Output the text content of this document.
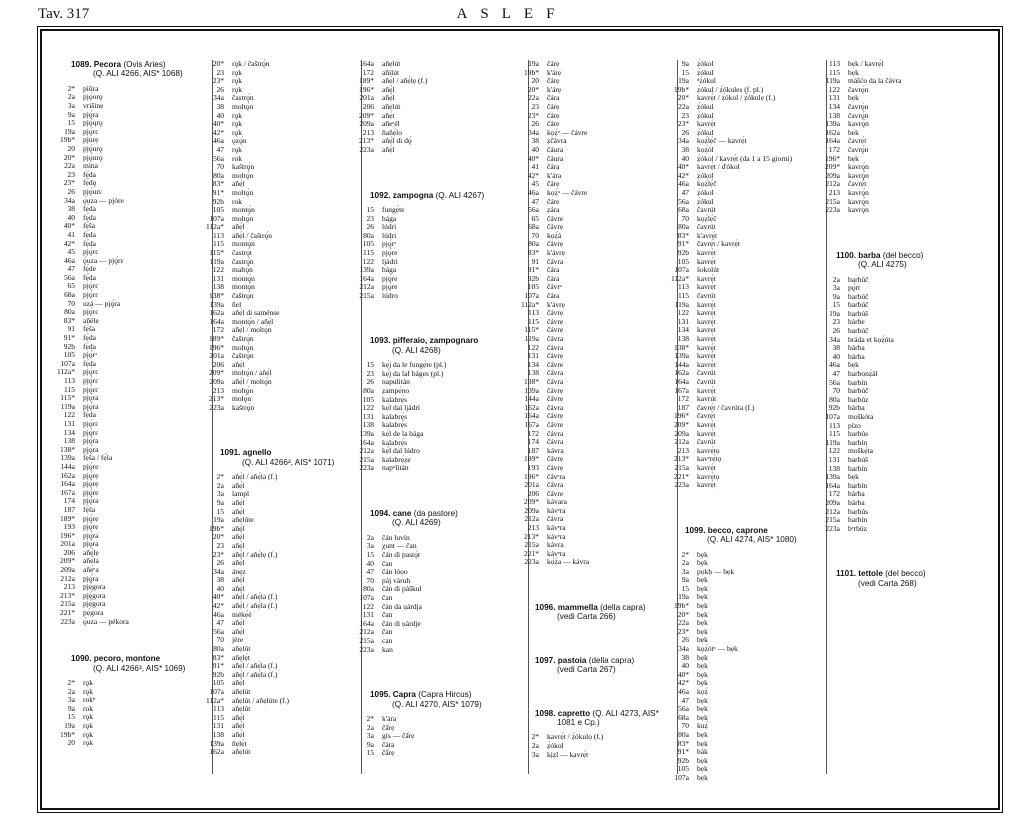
Tav. 317	ASLEF
1089. Pecora (Ovis Aries)
(Q. ALI 4266, AIS* 1068)
2*	pìūra
2a	pjǫ́orǫ
3a	vrišinẹ
9a	pjǫ́ra
15	pjǫ́ųrǫ
19a	pjǫ́rɛ
19b*	pjurẹ
20	pjǫ́urǫ
20*	pjǫ́urǫ
22a	mìna
23	fẹ́da
23*	fẹ́dǫ
26	pjǫ́urɛ
34a	ǫ́uza — pjóre
38	fẹ́da
40	fẹ́da
40*	fẹ́ša
41	fẹ́da
42*	fẹ́da
45	pjǫ́rɛ
46a	ǫ́uza — pjǫ́rɛ
47	fẹ́de
56a	fẹ́da
65	pjǫ́rɛ
68a	pjǫ́rɛ
70	uzá — pjǫ́ra
80a	pjǫ́rɛ
83*	añélẹ
91	fẹ́ša
91*	fẹ́da
92b	fẹ́da
105	pjǫ́rᵊ
107a	fẹ́da
112a*	pjǫ́rɛ
113	pjǫ́rɛ
115	pjǫ́rɛ
115*	pjǫ́ra
119a	pjǫ́ra
122	fẹ́da
131	pjǫ́rɛ
134	pjǫ́rɛ
138	pjǫ́ra
138*	pjǫ́ra
139a	fẹ́ša / fẹ́la
144a	pjǫ́re
162a	pjǫ́rẹ
164a	pjǫ́rẹ
167a	pjǫ́re
174	pjǫ́ra
187	fẹ́ša
189*	pjǫ́rẹ
193	pjǫ́rẹ
196*	pjǫ́ra
201a	pjǫ́ra
206	añẹ́lẹ
209*	añẹ́la
209a	añẹ́ᵉa
212a	pjǫ́ra
213	pjẹ́gora
213*	pjẹ́gora
215a	pjẹ́gora
221*	pẹ́gora
223a	ǫ́uza — pékora
1090. pecoro, montone
(Q. ALI 4266³, AIS* 1069)
2*	rǫk
2a	rǫk
3a	rokʰ
9a	rok
15	rǫk
19a	rǫk
19b*	rǫk
20	rǫk
20*	rǫk / čaštrǫ́n
23	rǫk
23*	rǫk
26	rǫk
34a	častrǫ́n
38	moltǫ́n
40	rǫk
40*	rǫk
42*	rǫk
46a	ǫzǫ́n
47	rǫk
56a	rok
70	kaštrǫ́n
80a	moltǫ́n
83*	añẹ́l
91*	moltǫ́n
92b	rok
105	montǫ́n
107a	moltǫ́n
112a*	añẹ́l
113	añẹ́l / čaštrǫ́n
115	montǫ́n
115*	častrǫ́t
119a	častrǫ́n
122	maltǫ́n
131	montǫ́n
138	montǫ́n
138*	čaštrǫ́n
139a	ñel
162a	añẹ́l di saménse
164a	montǫ́n / añẹ́l
172	añẹ́l / moltǫ́n
189*	čaštrǫ́n
196*	moltǫ́n
201a	čaštrǫ́n
206	añẹ́l
209*	moltǫ́n / añẹ́l
209a	añẹ́l / moltǫ́n
213	moltǫ́n
213*	molǫ́n
223a	kaštrǫ́n
1091. agnello
(Q. ALI 4266², AIS* 1071)
2*	añẹ́l / añẹ́la (f.)
2a	añẹ́l
3a	lampl
9a	añẹ́l
15	añẹ́l
19a	añẹlúte
19b*	añẹ́l
20*	añẹ́l
23	añẹ́l
23*	añẹ́l / añẹ́lẹ (f.)
26	añẹ́l
34a	ánẹz
38	añẹ́l
40	añẹ́l
40*	añẹ́l / añẹ́la (f.)
42*	añẹ́l / añẹ́la (f.)
46a	mékẹ́é
47	añẹ́l
56a	añẹ́l
70	jére
80a	añẹlút
83*	añẹlẹ́t
91*	añẹ́l / añẹ́la (f.)
92b	añẹ́l / añẹ́la (f.)
105	añẹ́l
107a	añẹlút
112a*	añẹlút / añẹlúte (f.)
113	añẹlút
115	añẹ́l
131	añẹ́l
138	añẹ́l
139a	ñẹlẹ́t
162a	añẹlút
164a	añẹlút
172	añilút
189*	añẹ́l / añẹ́lẹ (f.)
196*	añẹ́l
201a	añẹ́l
206	añẹlút
209*	añẹ́t
209a	añeᵉél
213	ñañẹ́lo
213*	añẹ́l di dǫ́
223a	añẹ́l
1092. zampogna (Q. ALI 4267)
15	fungẹ́te
23	bága
26	lúdri
80a	lúdri
105	pjǫ́rᵊ
115	pjǫ́re
122	ljádri
139a	bága
164a	pjǫ́re
212a	pjǫ́re
215a	lúdro
1093. pifferaio, zampognaro
(Q. ALI 4268)
15	kẹ́j da le fungẹ́te (pl.)
23	kẹ́j da laf báges (pl.)
26	napulitán
80a	ẓampẹ́no
105	kalabrẹ́s
122	kẹ́l dal ljádri
131	kalabrẹ́s
138	kalabrẹ́s
139a	kẹ́l de la bága
164a	kalabrẹ́s
212a	kẹ́l dal lúdro
215a	kalabrẹ́ẓe
223a	napᵘlitán
1094. cane (da pastore)
(Q. ALI 4269)
2a	čán luvín
3a	χunt — čan
15	čán di pastǫ́r
40	čan
47	čán lóọo
70	páj vàruh
80a	čán di páškul
107a	čan
122	čán da ụárdja
131	čan
164a	čán di ụárdje
212a	čan
215a	can
223a	kan
1095. Capra (Capra Hircus)
(Q. ALI 4270, AIS* 1079)
2*	k'ára
2a	čấrẹ
3a	gis — čấrẹ
9a	čára
15	čấrẹ
19a	čárẹ
19b*	k'árẹ
20	čárẹ
20*	k'árẹ
22a	čára
23	čárẹ
23*	čárẹ
26	čáre
34a	kọẓ́ᵃ — čávre
38	ẓčávra
40	čáura
40*	čáura
41	čára
42*	k'ára
45	čárẹ
46a	kọẓ́ᵃ — čávre
47	čáre
56a	ẓára
65	čávre
68a	čávrẹ
70	kọẓ́á
80a	čávrẹ
83*	k'ávrẹ
91	čávra
91*	čára
92b	čára
105	čávrᵊ
107a	čára
112a*	k'ávrẹ
113	čávrẹ
115	čávrẹ
115*	čávrẹ
119a	čávra
122	čávra
131	čávrẹ
134	čávre
138	čávra
138*	čávra
139a	čávrẹ
144a	čávrẹ
162a	čávra
164a	čávrẹ
167a	čávre
172	čávra
174	čávra
187	kávra
189*	čávrẹ
193	čávrẹ
196*	čávᵉra
201a	čávra
206	čávre
209*	kávara
209a	kávᵉra
212a	čávra
213	kávᵉra
213*	kávᵉra
215a	kávra
221*	kávᵉra
223a	kọ́ẓ́a — kávra
1096. mammella (della capra)
(vedi Carta 266)
1097. pastoia (della capra)
(vedi Carta 267)
1098. capretto (Q. ALI 4273, AIS*
1081 e Cp.)
2*	kavrẹ́t / ẓ́ókulọ (f.)
2a	ẓ́ókol
3a	kịẓl — kavrẹ́t
9a	ẓ́ókol
15	ẓ́ókul
19a	ᵈẓ́ókul
19b*	ẓ́ókul / ẓ́ókules (f. pl.)
20*	kavrẹ́t / ẓ́ókol / ẓ́ókulẹ (f.)
22a	ẓ́ókul
23	ẓ́ókul
23*	kavrẹ́t
26	ẓ́ókul
34a	kọẓ́lẹ́č — kavrẹ́t
38	kọẓ́ól
40	ẓ́ókol / kavrẹ́t (da 1 a 15 giorni)
40*	kavrẹ́t / ďókol
42*	ẓ́ókol
46a	kọẓ́lẹ́č
47	ẓ́ókol
56a	ẓ́ókul
68a	čavrút
70	kọẓ́lẹ́č
80a	čavrút
83*	k'avrẹ́t
91*	čavrẹ́t / kavrẹ́t
92b	kavrẹ́t
105	kavrẹ́t
107a	šokolút
112a*	kavrẹ́t
113	kavrẹ́t
115	čavrút
119a	kavrẹ́t
122	kavrẹ́t
131	kavrẹ́t
134	kavrẹ́t
138	kavrẹ́t
138*	kavrẹ́t
139a	kavrẹ́t
144a	kavrẹ́t
162a	čavrút
164a	čavrút
167a	kavrẹ́t
172	kavrút
187	čavrẹ́t / čavrúta (f.)
196*	čavrẹ́t
209*	kavrẹ́t
209a	kavrẹ́t
212a	čavrút
213	kavrẹ́tọ
213*	kavᵉrẹ́tọ
215a	kavrẹ́t
221*	kavrẹ́tọ
223a	kavrẹ́t
1099. becco, caprone
(Q. ALI 4274, AIS* 1080)
2*	bẹk
2a	bẹk
3a	pọkḥ — bẹk
9a	bẹk
15	bẹk
19a	bẹk
19b*	bẹk
20*	bẹk
22a	bẹk
23*	bẹk
26	bẹk
34a	kọẓ́ótᵃ — bẹk
38	bẹk
40	bẹk
40*	bẹk
42*	bẹk
46a	kọẓ́
47	bẹk
56a	bẹk
68a	bẹk
70	kuẓ́
80a	bẹk
83*	bẹk
91*	bák
92b	bẹk
105	bẹk
107a	bẹk
113	bẹk / kavrẹ́l
115	bẹk
119a	mášćo da la čávra
122	čavrǫ́n
131	bẹk
134	čavrǫ́n
138	čavrǫ́n
139a	kavrǫ́n
162a	bek
164a	čavrẹ́t
172	čavrǫ́n
196*	bẹk
209*	kavrǫ́n
209a	kavrǫ́n
212a	čavrẹ́t
213	kavrǫ́n
215a	kavrǫ́n
223a	kavrǫ́n
1100. barba (del becco)
(Q. ALI 4275)
2a	barbúč
3a	pǫ́rt
9a	barbúč
15	barbúč
19a	barbúš
23	bárbe
26	barbúč
34a	bráda et kọẓ́óta
38	bárba
40	bárba
46a	bẹk
47	barbonẓ́ál
56a	barbín
70	barbúč
80a	barbúz
92b	bárba
107a	moškóta
113	pízo
115	barbús
119a	barbín
122	moškẹ́ta
131	barbúš
138	barbín
139a	bẹk
164a	barbín
172	bárba
209a	bárba
212a	barbús
215a	barbín
223a	bᵉrbúz
1101. tettole (del becco)
(vedi Carta 268)
